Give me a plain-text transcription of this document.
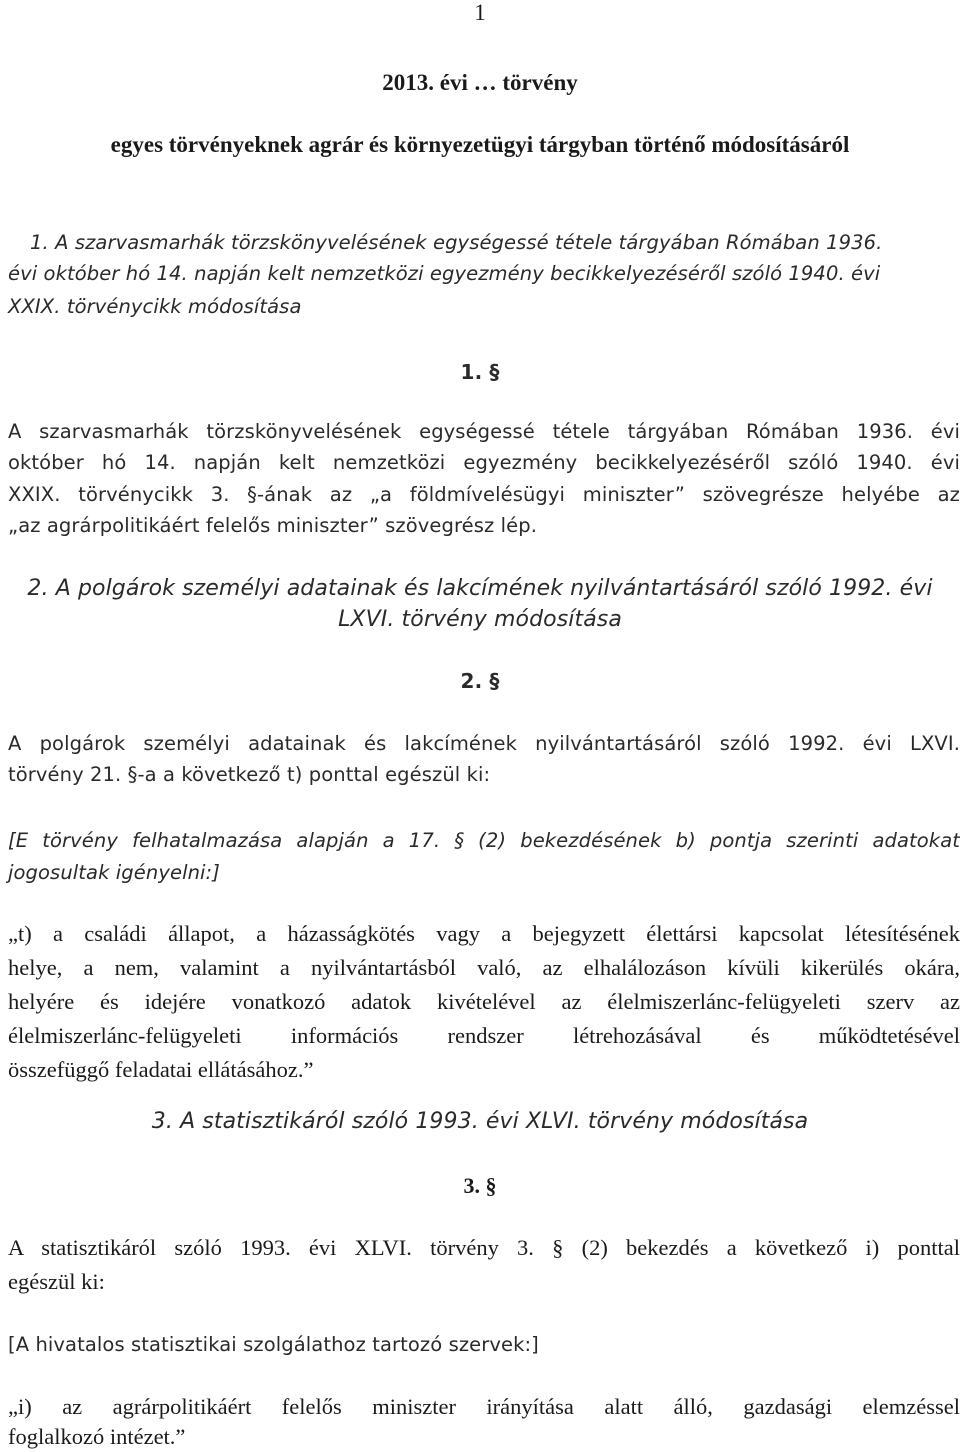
1
2013. évi … törvény
egyes törvényeknek agrár és környezetügyi tárgyban történő módosításáról
1. A szarvasmarhák törzskönyvelésének egységessé tétele tárgyában Rómában 1936.
évi október hó 14. napján kelt nemzetközi egyezmény becikkelyezéséről szóló 1940. évi
XXIX. törvénycikk módosítása
1. §
A szarvasmarhák törzskönyvelésének egységessé tétele tárgyában Rómában 1936. évi
október hó 14. napján kelt nemzetközi egyezmény becikkelyezéséről szóló 1940. évi
XXIX. törvénycikk 3. §-ának az „a földmívelésügyi miniszter” szövegrésze helyébe az
„az agrárpolitikáért felelős miniszter” szövegrész lép.
2. A polgárok személyi adatainak és lakcímének nyilvántartásáról szóló 1992. évi
LXVI. törvény módosítása
2. §
A polgárok személyi adatainak és lakcímének nyilvántartásáról szóló 1992. évi LXVI.
törvény 21. §-a a következő t) ponttal egészül ki:
[E törvény felhatalmazása alapján a 17. § (2) bekezdésének b) pontja szerinti adatokat
jogosultak igényelni:]
„t) a családi állapot, a házasságkötés vagy a bejegyzett élettársi kapcsolat létesítésének
helye, a nem, valamint a nyilvántartásból való, az elhalálozáson kívüli kikerülés okára,
helyére és idejére vonatkozó adatok kivételével az élelmiszerlánc-felügyeleti szerv az
élelmiszerlánc-felügyeleti információs rendszer létrehozásával és működtetésével
összefüggő feladatai ellátásához.”
3. A statisztikáról szóló 1993. évi XLVI. törvény módosítása
3. §
A statisztikáról szóló 1993. évi XLVI. törvény 3. § (2) bekezdés a következő i) ponttal
egészül ki:
[A hivatalos statisztikai szolgálathoz tartozó szervek:]
„i) az agrárpolitikáért felelős miniszter irányítása alatt álló, gazdasági elemzéssel
foglalkozó intézet.”
